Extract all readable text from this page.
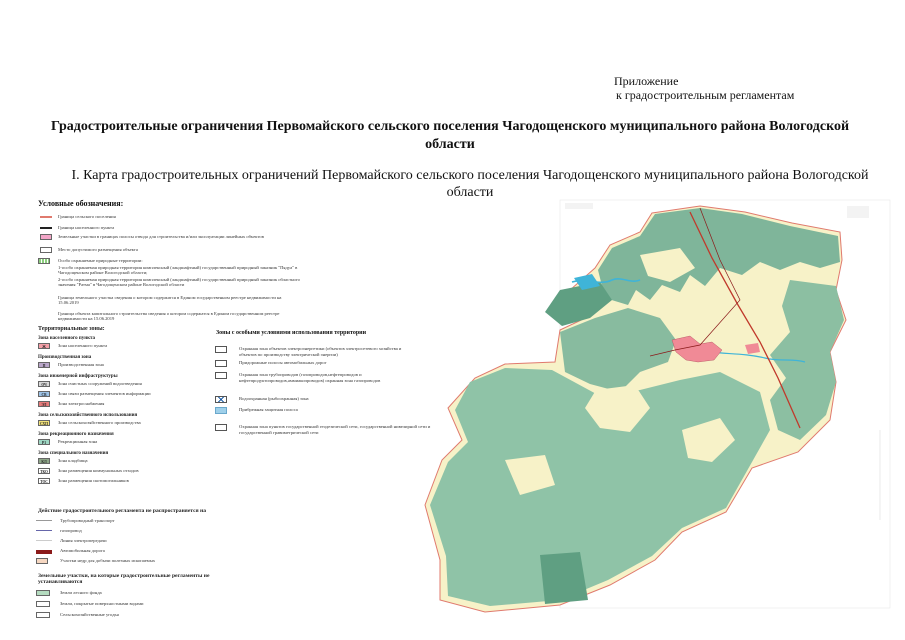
Приложение
к градостроительным регламентам
Градостроительные ограничения Первомайского сельского поселения Чагодощенского муниципального района Вологодской области
I. Карта градостроительных ограничений Первомайского сельского поселения Чагодощенского муниципального района Вологодской области
Условные обозначения:
Зоны с особыми условиями использования территории
Граница сельского поселения
Граница населенного пункта
Земельные участки в границах полосы отвода для строительства и/или эксплуатации линейных объектов
Место допустимого размещения объекта
Особо охраняемые природные территории:
1-особо охраняемая природная территория комплексный (ландшафтный) государственный природный заказник "Пядуа" в Чагодощенском районе Вологодской области;
2-особо охраняемая природная территория комплексный (ландшафтный) государственный природный заказник областного значения "Ратма" в Чагодощенском районе Вологодской области
Граница земельного участка сведения о котором содержатся в Едином государственном реестре недвижимости на 15.06.2019
Граница объекта капитального строительства сведения о котором содержатся в Едином государственном реестре недвижимости на 15.06.2019
Территориальные зоны:
Зона населенного пункта
Ж	Зона населенного пункта
Производственная зона
П	Производственная зона
Зона инженерной инфраструктуры
ОЧ	Зона очистных сооружений водоотведения
СВ	Зона связи размещения элементов информации
ЭЛ	Зона электроснабжения
Зона сельскохозяйственного использования
СХП	Зона сельскохозяйственного производства
Зона рекреационного назначения
Р1	Рекреационная зона
Зона специального назначения
КЛ	Зона кладбища
ТКО	Зона размещения коммунальных отходов
ТОС	Зона размещения скотомогильников
Действие градостроительного регламента не распространяется на
Трубопроводный транспорт
газопровод
Линия электропередачи
Автомобильная дорога
Участки недр для добычи полезных ископаемых
Земельные участки, на которые градостроительные регламенты не устанавливаются
Земли лесного фонда
Земли, покрытые поверхностными водами
Сельскохозяйственные угодья
Охранная зона объектов электроэнергетики (объектов электросетевого хозяйства и объектов по производству электрической энергии)
Придорожные полосы автомобильных дорог
Охранная зона трубопроводов (газопроводов,нефтепроводов и нефтепродуктопроводов,аммиакопроводов) охранная зона газопроводов
Водоохранная (рыбоохранная) зона
Прибрежная защитная полоса
Охранная зона пунктов государственной геодезической сети, государственной нивелирной сети и государственной гравиметрической сети
